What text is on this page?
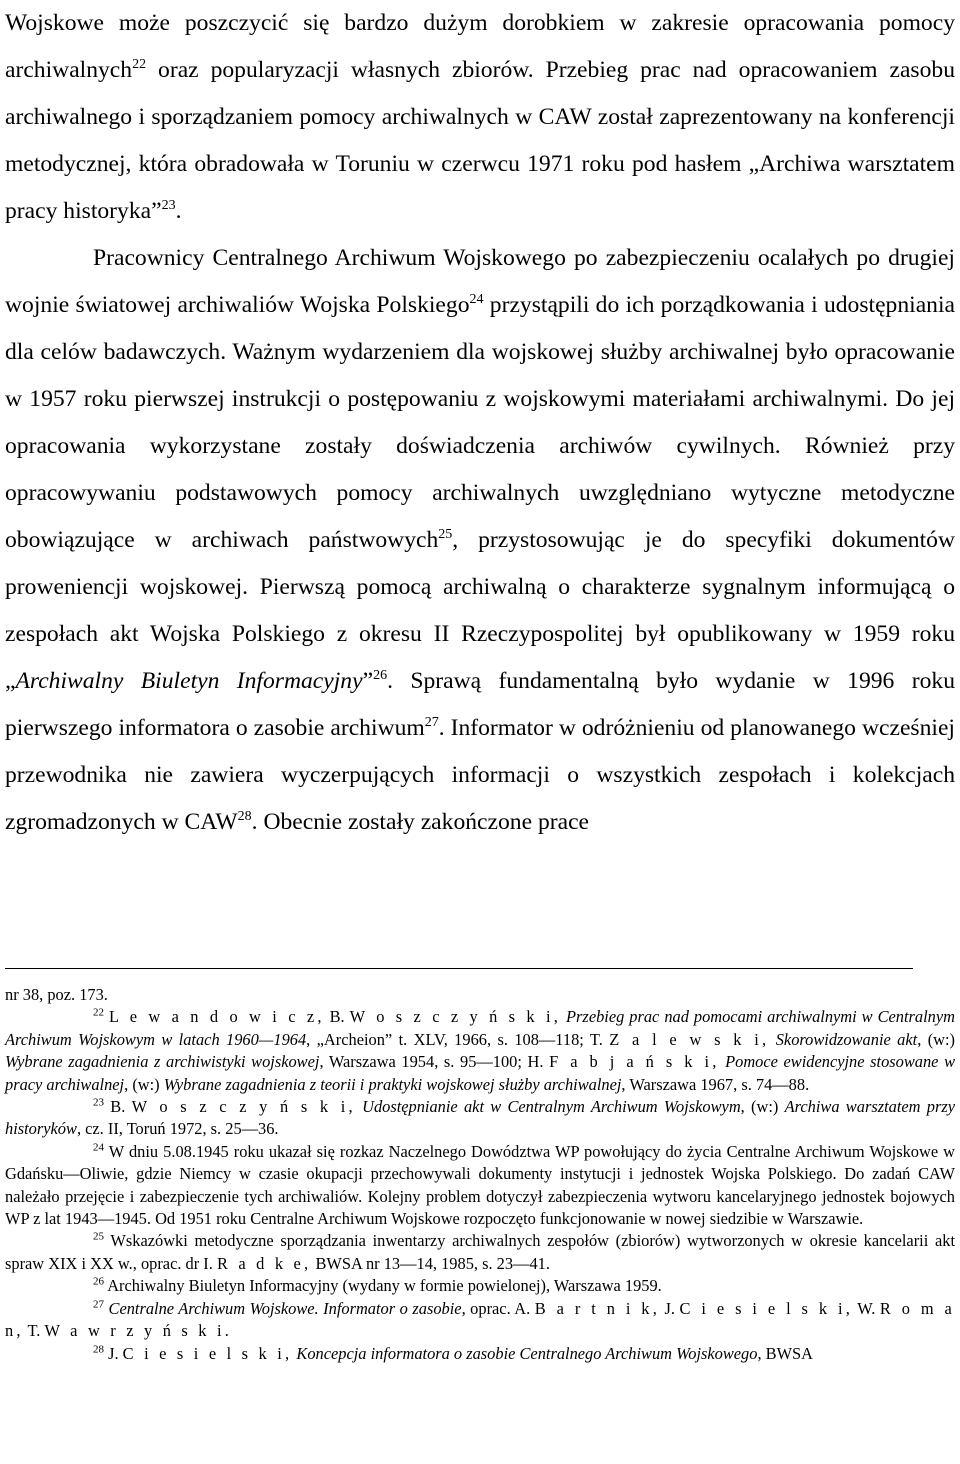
Wojskowe może poszczycić się bardzo dużym dorobkiem w zakresie opracowania pomocy archiwalnych$^{22}$ oraz popularyzacji własnych zbiorów. Przebieg prac nad opracowaniem zasobu archiwalnego i sporządzaniem pomocy archiwalnych w CAW został zaprezentowany na konferencji metodycznej, która obradowała w Toruniu w czerwcu 1971 roku pod hasłem „Archiwa warsztatem pracy historyka”$^{23}$.

Pracownicy Centralnego Archiwum Wojskowego po zabezpieczeniu ocalałych po drugiej wojnie światowej archiwaliów Wojska Polskiego$^{24}$ przystąpili do ich porządkowania i udostępniania dla celów badawczych. Ważnym wydarzeniem dla wojskowej służby archiwalnej było opracowanie w 1957 roku pierwszej instrukcji o postępowaniu z wojskowymi materiałami archiwalnymi. Do jej opracowania wykorzystane zostały doświadczenia archiwów cywilnych. Również przy opracowywaniu podstawowych pomocy archiwalnych uwzględniano wytyczne metodyczne obowiązujące w archiwach państwowych$^{25}$, przystosowując je do specyfiki dokumentów proweniencji wojskowej. Pierwszą pomocą archiwalną o charakterze sygnalnym informującą o zespołach akt Wojska Polskiego z okresu II Rzeczypospolitej był opublikowany w 1959 roku „Archiwalny Biuletyn Informacyjny”$^{26}$. Sprawą fundamentalną było wydanie w 1996 roku pierwszego informatora o zasobie archiwum$^{27}$. Informator w odróżnieniu od planowanego wcześniej przewodnika nie zawiera wyczerpujących informacji o wszystkich zespołach i kolekcjach zgromadzonych w CAW$^{28}$. Obecnie zostały zakończone prace

nr 38, poz. 173.

$^{22}$ L e w a n d o w i c z, B. W o s z c z y ń s k i, Przebieg prac nad pomocami archiwalnymi w Centralnym Archiwum Wojskowym w latach 1960—1964, „Archeion” t. XLV, 1966, s. 108—118; T. Z a l e w s k i, Skorowidzowanie akt, (w:) Wybrane zagadnienia z archiwistyki wojskowej, Warszawa 1954, s. 95—100; H. F a b j a ń s k i, Pomoce ewidencyjne stosowane w pracy archiwalnej, (w:) Wybrane zagadnienia z teorii i praktyki wojskowej służby archiwalnej, Warszawa 1967, s. 74—88.

$^{23}$ B. W o s z c z y ń s k i, Udostępnianie akt w Centralnym Archiwum Wojskowym, (w:) Archiwa warsztatem przy historyków, cz. II, Toruń 1972, s. 25—36.

$^{24}$ W dniu 5.08.1945 roku ukazał się rozkaz Naczelnego Dowództwa WP powołujący do życia Centralne Archiwum Wojskowe w Gdańsku—Oliwie, gdzie Niemcy w czasie okupacji przechowywali dokumenty instytucji i jednostek Wojska Polskiego. Do zadań CAW należało przejęcie i zabezpieczenie tych archiwaliów. Kolejny problem dotyczył zabezpieczenia wytworu kancelaryjnego jednostek bojowych WP z lat 1943—1945. Od 1951 roku Centralne Archiwum Wojskowe rozpoczęto funkcjonowanie w nowej siedzibie w Warszawie.

$^{25}$ Wskazówki metodyczne sporządzania inwentarzy archiwalnych zespołów (zbiorów) wytworzonych w okresie kancelarii akt spraw XIX i XX w., oprac. dr I. R a d k e, BWSA nr 13—14, 1985, s. 23—41.

$^{26}$ Archiwalny Biuletyn Informacyjny (wydany w formie powielonej), Warszawa 1959.

$^{27}$ Centralne Archiwum Wojskowe. Informator o zasobie, oprac. A. B a r t n i k, J. C i e s i e l s k i, W. R o m a n, T. W a w r z y ń s k i.

$^{28}$ J. C i e s i e l s k i, Koncepcja informatora o zasobie Centralnego Archiwum Wojskowego, BWSA
